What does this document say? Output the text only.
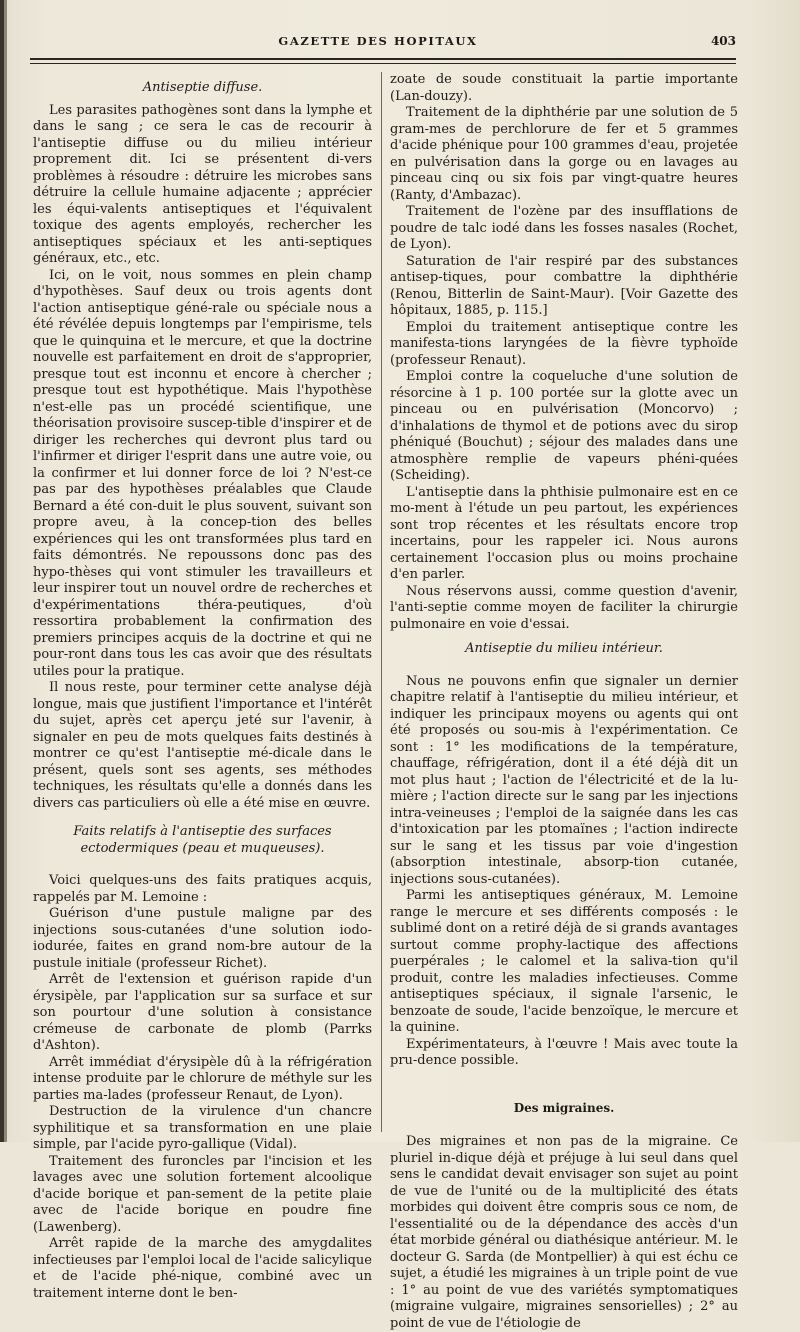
GAZETTE DES HOPITAUX	403
Antiseptie diffuse.

Les parasites pathogènes sont dans la lymphe et dans le sang ; ce sera le cas de recourir à l'antiseptie diffuse ou du milieu intérieur proprement dit. Ici se présentent di-vers problèmes à résoudre : détruire les microbes sans détruire la cellule humaine adjacente ; apprécier les équi-valents antiseptiques et l'équivalent toxique des agents employés, rechercher les antiseptiques spéciaux et les anti-septiques généraux, etc., etc.

Ici, on le voit, nous sommes en plein champ d'hypothèses. Sauf deux ou trois agents dont l'action antiseptique géné-rale ou spéciale nous a été révélée depuis longtemps par l'empirisme, tels que le quinquina et le mercure, et que la doctrine nouvelle est parfaitement en droit de s'approprier, presque tout est inconnu et encore à chercher ; presque tout est hypothétique. Mais l'hypothèse n'est-elle pas un procédé scientifique, une théorisation provisoire suscep-tible d'inspirer et de diriger les recherches qui devront plus tard ou l'infirmer et diriger l'esprit dans une autre voie, ou la confirmer et lui donner force de loi ? N'est-ce pas par des hypothèses préalables que Claude Bernard a été con-duit le plus souvent, suivant son propre aveu, à la concep-tion des belles expériences qui les ont transformées plus tard en faits démontrés. Ne repoussons donc pas des hypo-thèses qui vont stimuler les travailleurs et leur inspirer tout un nouvel ordre de recherches et d'expérimentations théra-peutiques, d'où ressortira probablement la confirmation des premiers principes acquis de la doctrine et qui ne pour-ront dans tous les cas avoir que des résultats utiles pour la pratique.

Il nous reste, pour terminer cette analyse déjà longue, mais que justifient l'importance et l'intérêt du sujet, après cet aperçu jeté sur l'avenir, à signaler en peu de mots quelques faits destinés à montrer ce qu'est l'antiseptie mé-dicale dans le présent, quels sont ses agents, ses méthodes techniques, les résultats qu'elle a donnés dans les divers cas particuliers où elle a été mise en œuvre.

Faits relatifs à l'antiseptie des surfaces ectodermiques (peau et muqueuses).

Voici quelques-uns des faits pratiques acquis, rappelés par M. Lemoine :

Guérison d'une pustule maligne par des injections sous-cutanées d'une solution iodo-iodurée, faites en grand nom-bre autour de la pustule initiale (professeur Richet).

Arrêt de l'extension et guérison rapide d'un érysipèle, par l'application sur sa surface et sur son pourtour d'une solution à consistance crémeuse de carbonate de plomb (Parrks d'Ashton).

Arrêt immédiat d'érysipèle dû à la réfrigération intense produite par le chlorure de méthyle sur les parties ma-lades (professeur Renaut, de Lyon).

Destruction de la virulence d'un chancre syphilitique et sa transformation en une plaie simple, par l'acide pyro-gallique (Vidal).

Traitement des furoncles par l'incision et les lavages avec une solution fortement alcoolique d'acide borique et pan-sement de la petite plaie avec de l'acide borique en poudre fine (Lawenberg).

Arrêt rapide de la marche des amygdalites infectieuses par l'emploi local de l'acide salicylique et de l'acide phé-nique, combiné avec un traitement interne dont le ben-

zoate de soude constituait la partie importante (Lan-douzy).

Traitement de la diphthérie par une solution de 5 gram-mes de perchlorure de fer et 5 grammes d'acide phénique pour 100 grammes d'eau, projetée en pulvérisation dans la gorge ou en lavages au pinceau cinq ou six fois par vingt-quatre heures (Ranty, d'Ambazac).

Traitement de l'ozène par des insufflations de poudre de talc iodé dans les fosses nasales (Rochet, de Lyon).

Saturation de l'air respiré par des substances antisep-tiques, pour combattre la diphthérie (Renou, Bitterlin de Saint-Maur). [Voir Gazette des hôpitaux, 1885, p. 115.]

Emploi du traitement antiseptique contre les manifesta-tions laryngées de la fièvre typhoïde (professeur Renaut).

Emploi contre la coqueluche d'une solution de résorcine à 1 p. 100 portée sur la glotte avec un pinceau ou en pulvérisation (Moncorvo) ; d'inhalations de thymol et de potions avec du sirop phéniqué (Bouchut) ; séjour des malades dans une atmosphère remplie de vapeurs phéni-quées (Scheiding).

L'antiseptie dans la phthisie pulmonaire est en ce mo-ment à l'étude un peu partout, les expériences sont trop récentes et les résultats encore trop incertains, pour les rappeler ici. Nous aurons certainement l'occasion plus ou moins prochaine d'en parler.

Nous réservons aussi, comme question d'avenir, l'anti-septie comme moyen de faciliter la chirurgie pulmonaire en voie d'essai.

Antiseptie du milieu intérieur.

Nous ne pouvons enfin que signaler un dernier chapitre relatif à l'antiseptie du milieu intérieur, et indiquer les principaux moyens ou agents qui ont été proposés ou sou-mis à l'expérimentation. Ce sont : 1° les modifications de la température, chauffage, réfrigération, dont il a été déjà dit un mot plus haut ; l'action de l'électricité et de la lu-mière ; l'action directe sur le sang par les injections intra-veineuses ; l'emploi de la saignée dans les cas d'intoxication par les ptomaïnes ; l'action indirecte sur le sang et les tissus par voie d'ingestion (absorption intestinale, absorp-tion cutanée, injections sous-cutanées).

Parmi les antiseptiques généraux, M. Lemoine range le mercure et ses différents composés : le sublimé dont on a retiré déjà de si grands avantages surtout comme prophy-lactique des affections puerpérales ; le calomel et la saliva-tion qu'il produit, contre les maladies infectieuses. Comme antiseptiques spéciaux, il signale l'arsenic, le benzoate de soude, l'acide benzoïque, le mercure et la quinine.

Expérimentateurs, à l'œuvre ! Mais avec toute la pru-dence possible.

Des migraines.

Des migraines et non pas de la migraine. Ce pluriel in-dique déjà et préjuge à lui seul dans quel sens le candidat devait envisager son sujet au point de vue de l'unité ou de la multiplicité des états morbides qui doivent être compris sous ce nom, de l'essentialité ou de la dépendance des accès d'un état morbide général ou diathésique antérieur. M. le docteur G. Sarda (de Montpellier) à qui est échu ce sujet, a étudié les migraines à un triple point de vue : 1° au point de vue des variétés symptomatiques (migraine vulgaire, migraines sensorielles) ; 2° au point de vue de l'étiologie de
